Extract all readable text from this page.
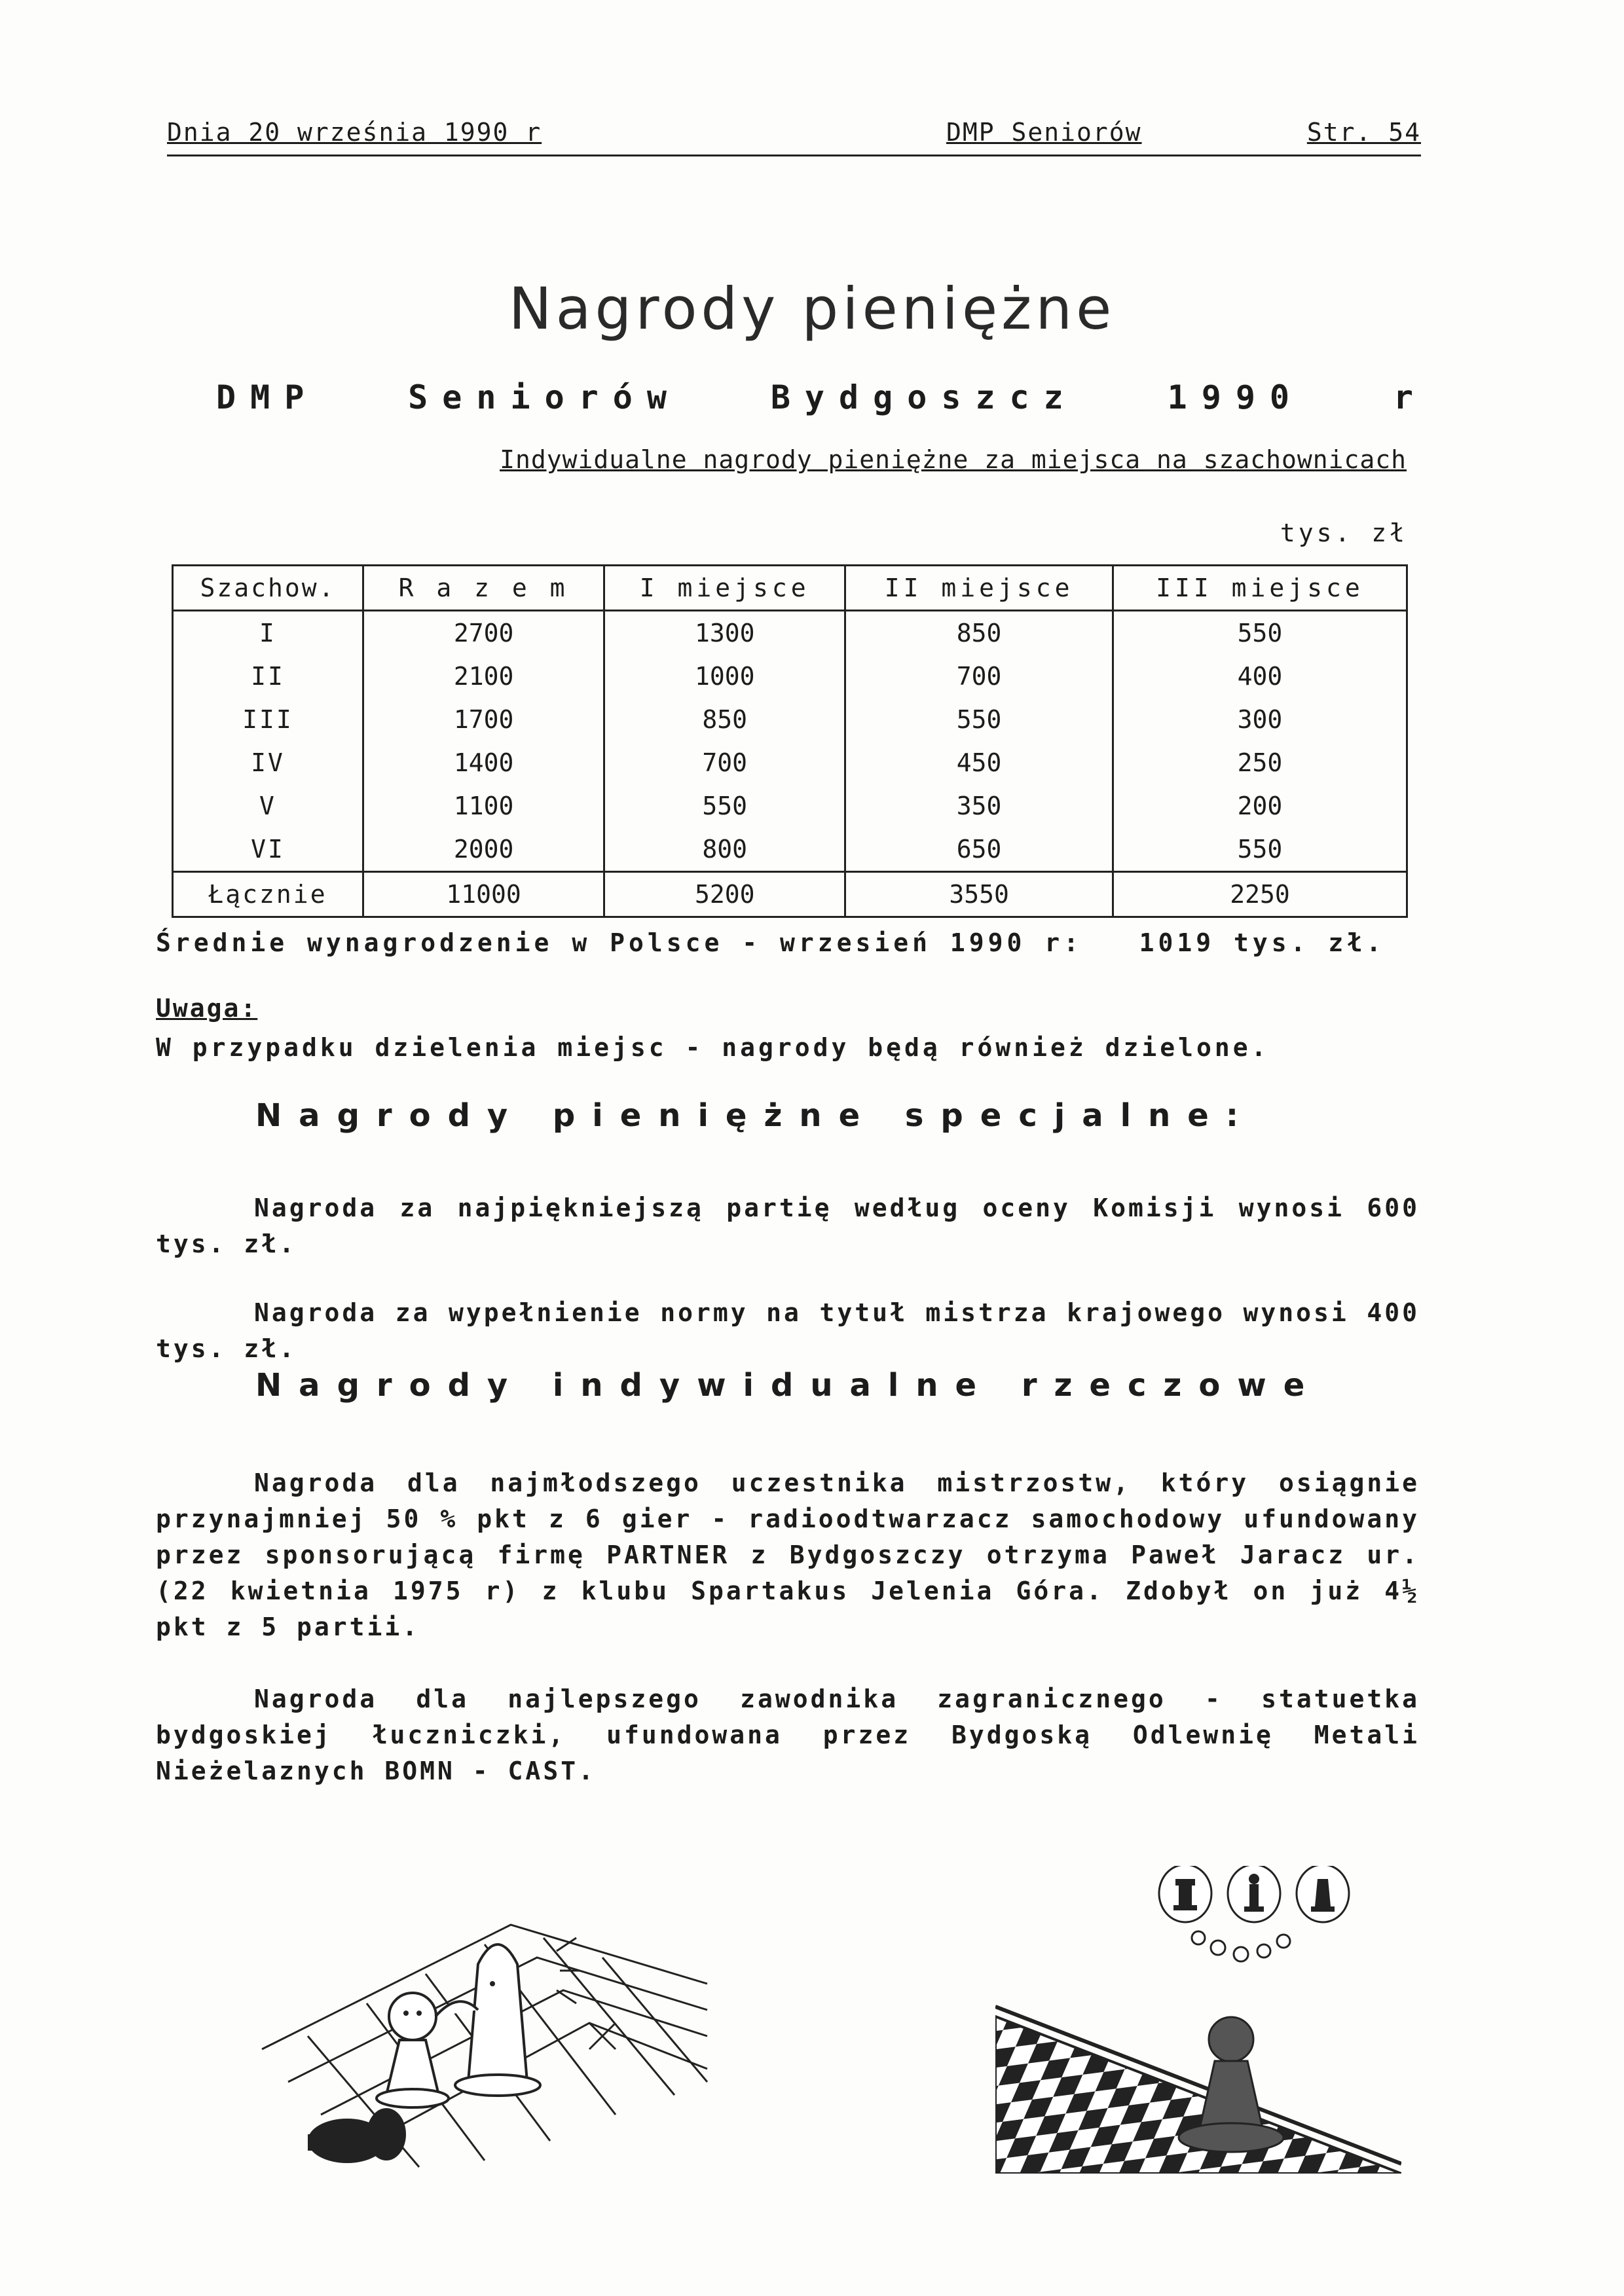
Dnia 20 września 1990 r	DMP Seniorów	Str. 54
Nagrody pieniężne
DMP	Seniorów	Bydgoszcz	1990	r
Indywidualne nagrody pieniężne za miejsca na szachownicach
tys. zł
Szachow.	R a z e m	I miejsce	II miejsce	III miejsce
I	2700	1300	850	550
II	2100	1000	700	400
III	1700	850	550	300
IV	1400	700	450	250
V	1100	550	350	200
VI	2000	800	650	550
Łącznie	11000	5200	3550	2250
Średnie wynagrodzenie w Polsce - wrzesień 1990 r:   1019 tys. zł.
Uwaga:
W przypadku dzielenia miejsc - nagrody będą również dzielone.
Nagrody pieniężne specjalne:

Nagroda za najpiękniejszą partię według oceny Komisji wynosi 600 tys. zł.

Nagroda za wypełnienie normy na tytuł mistrza krajowego wynosi 400 tys. zł.

Nagrody indywidualne rzeczowe

Nagroda dla najmłodszego uczestnika mistrzostw, który osiągnie przynajmniej 50 % pkt z 6 gier - radioodtwarzacz samochodowy ufundowany przez sponsorującą firmę PARTNER z Bydgoszczy otrzyma Paweł Jaracz ur. (22 kwietnia 1975 r) z klubu Spartakus Jelenia Góra. Zdobył on już 4½ pkt z 5 partii.

Nagroda dla najlepszego zawodnika zagranicznego - statuetka bydgoskiej łuczniczki, ufundowana przez Bydgoską Odlewnię Metali Nieżelaznych BOMN - CAST.
